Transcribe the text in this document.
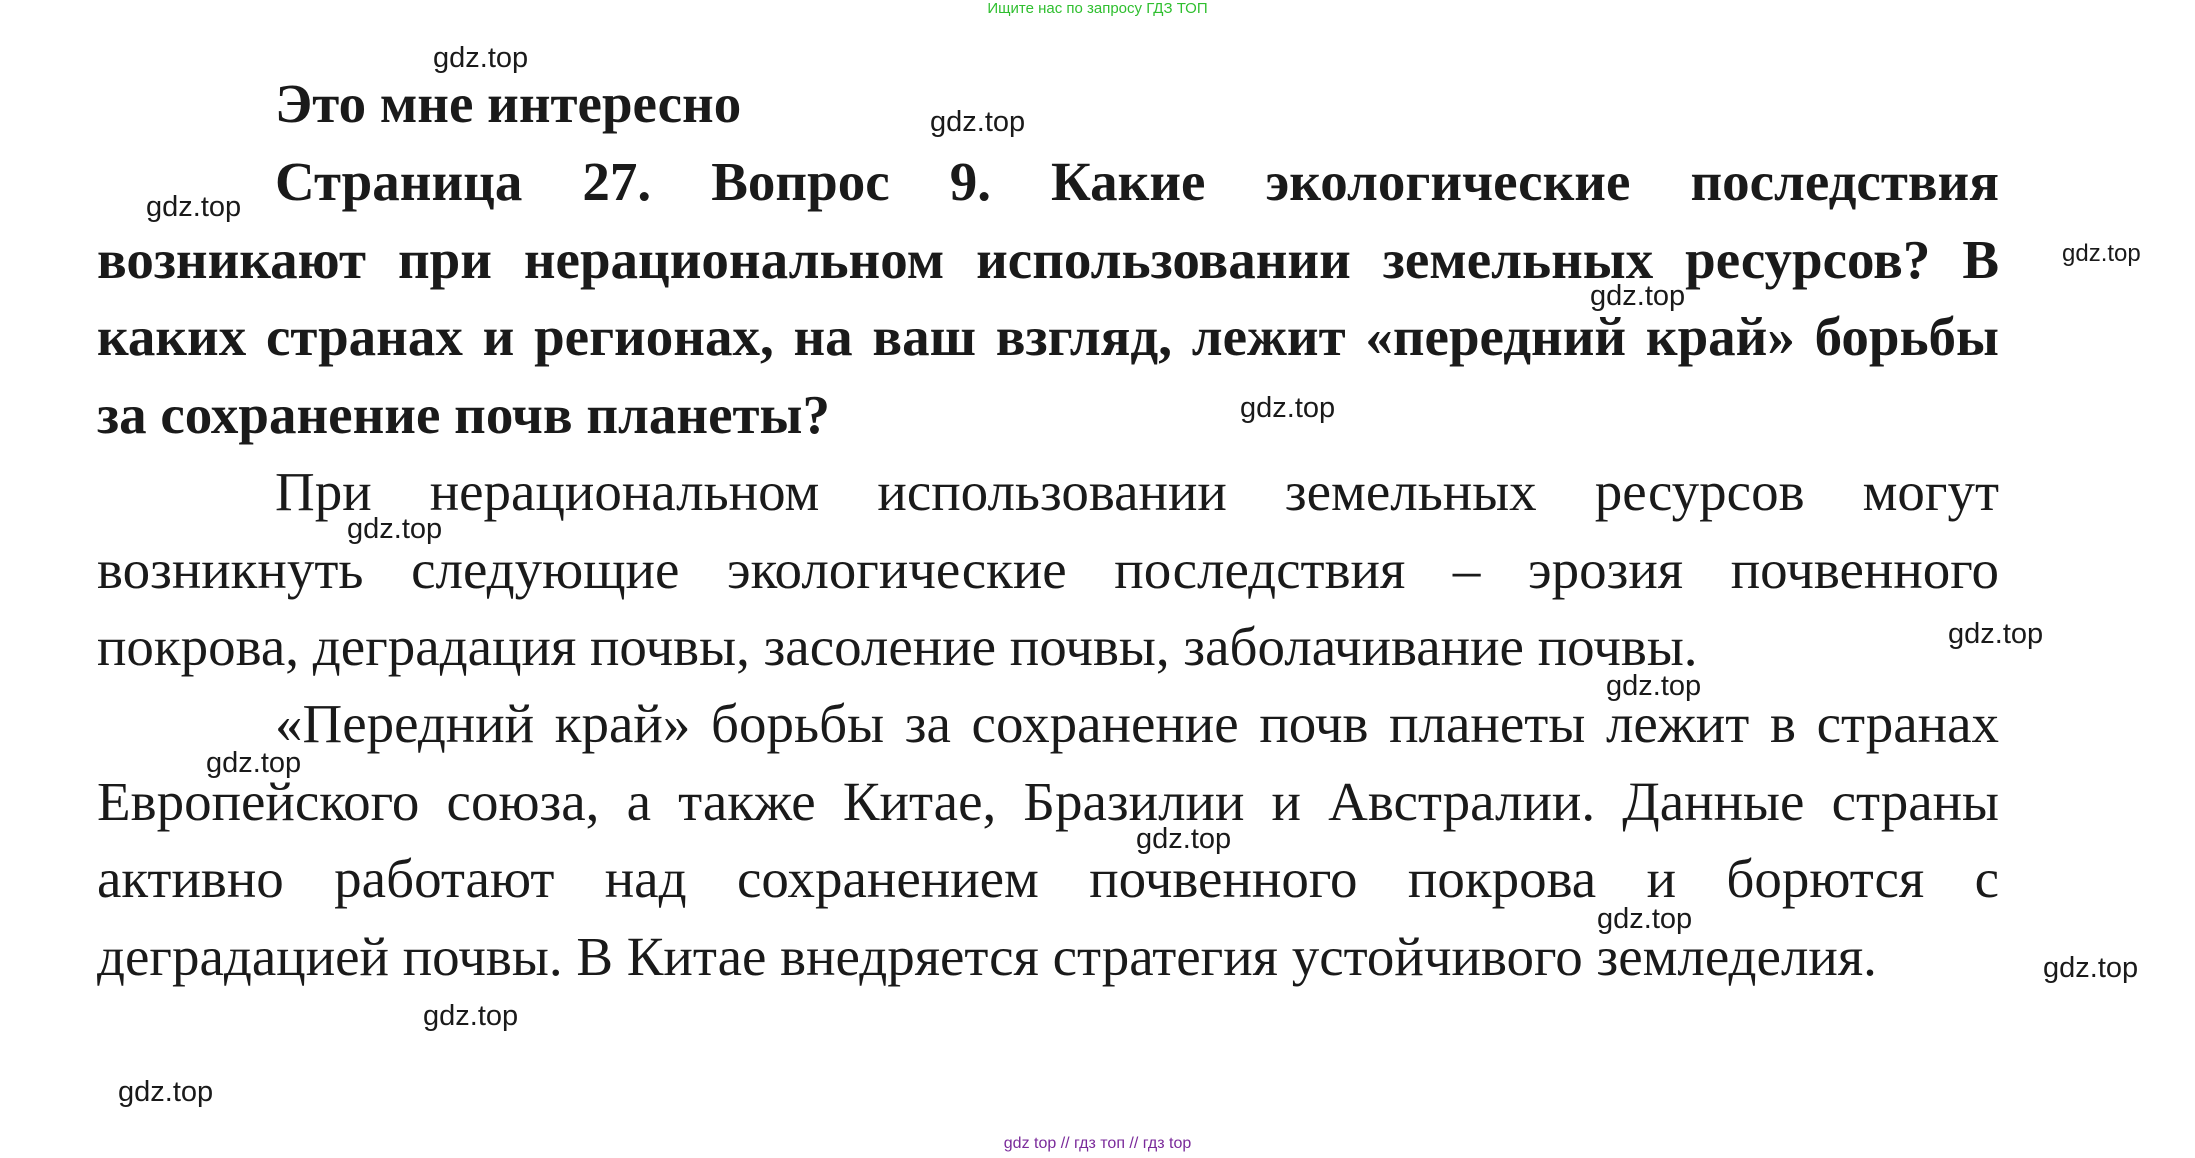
Ищите нас по запросу ГДЗ ТОП

Это мне интересно

Страница 27. Вопрос 9. Какие экологические последствия возникают при нерациональном использовании земельных ресурсов? В каких странах и регионах, на ваш взгляд, лежит «передний край» борьбы за сохранение почв планеты?

При нерациональном использовании земельных ресурсов могут возникнуть следующие экологические последствия – эрозия почвенного покрова, деградация почвы, засоление почвы, заболачивание почвы.

«Передний край» борьбы за сохранение почв планеты лежит в странах Европейского союза, а также Китае, Бразилии и Австралии. Данные страны активно работают над сохранением почвенного покрова и борются с деградацией почвы. В Китае внедряется стратегия устойчивого земледелия.

gdz.top
gdz.top
gdz.top
gdz.top
gdz.top
gdz.top
gdz.top
gdz.top
gdz.top
gdz.top
gdz.top
gdz.top
gdz.top
gdz.top
gdz.top
gdz top // гдз топ // гдз top
